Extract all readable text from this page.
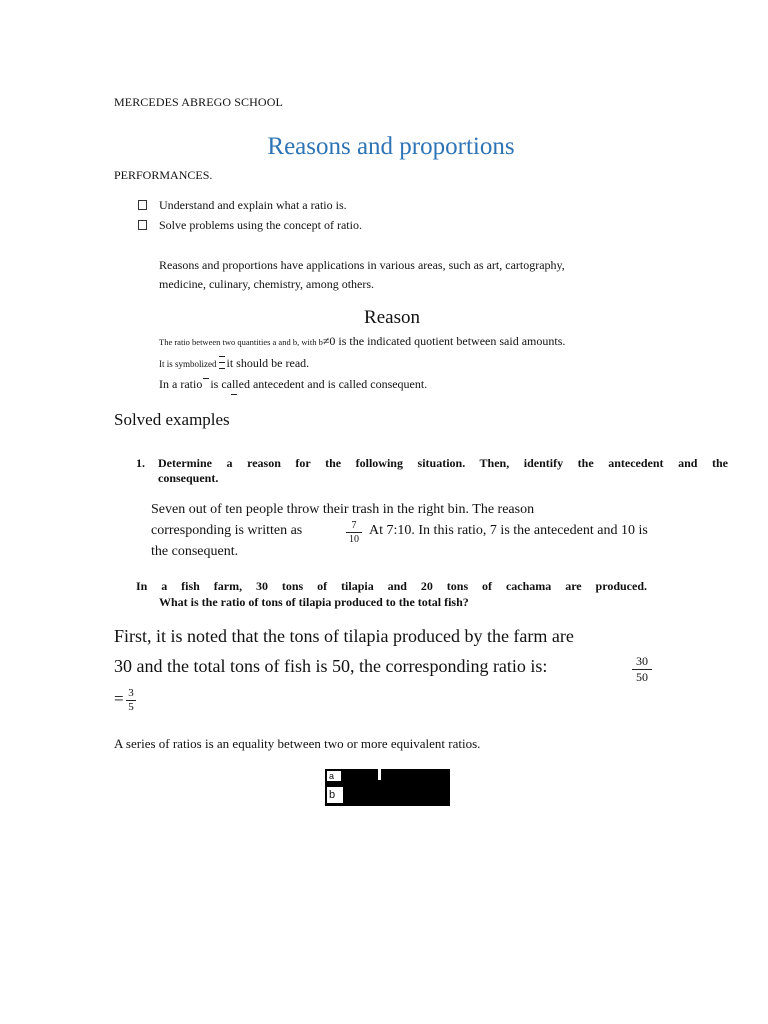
MERCEDES ABREGO SCHOOL
Reasons and proportions
PERFORMANCES.
Understand and explain what a ratio is.
Solve problems using the concept of ratio.
Reasons and proportions have applications in various areas, such as art, cartography,
medicine, culinary, chemistry, among others.
Reason
The ratio between two quantities a and b, with b≠0 is the indicated quotient between said amounts.
It is symbolized it should be read.
In a ratio is called antecedent and is called consequent.
Solved examples
1. Determine a reason for the following situation. Then, identify the antecedent and the
consequent.
Seven out of ten people throw their trash in the right bin. The reason
corresponding is written as	7
10
At 7:10. In this ratio, 7 is the antecedent and 10 is
the consequent.
In a fish farm, 30 tons of tilapia and 20 tons of cachama are produced.
What is the ratio of tons of tilapia produced to the total fish?
First, it is noted that the tons of tilapia produced by the farm are
30 and the total tons of fish is 50, the corresponding ratio is:	30
50
= 3
5
A series of ratios is an equality between two or more equivalent ratios.
a
b
